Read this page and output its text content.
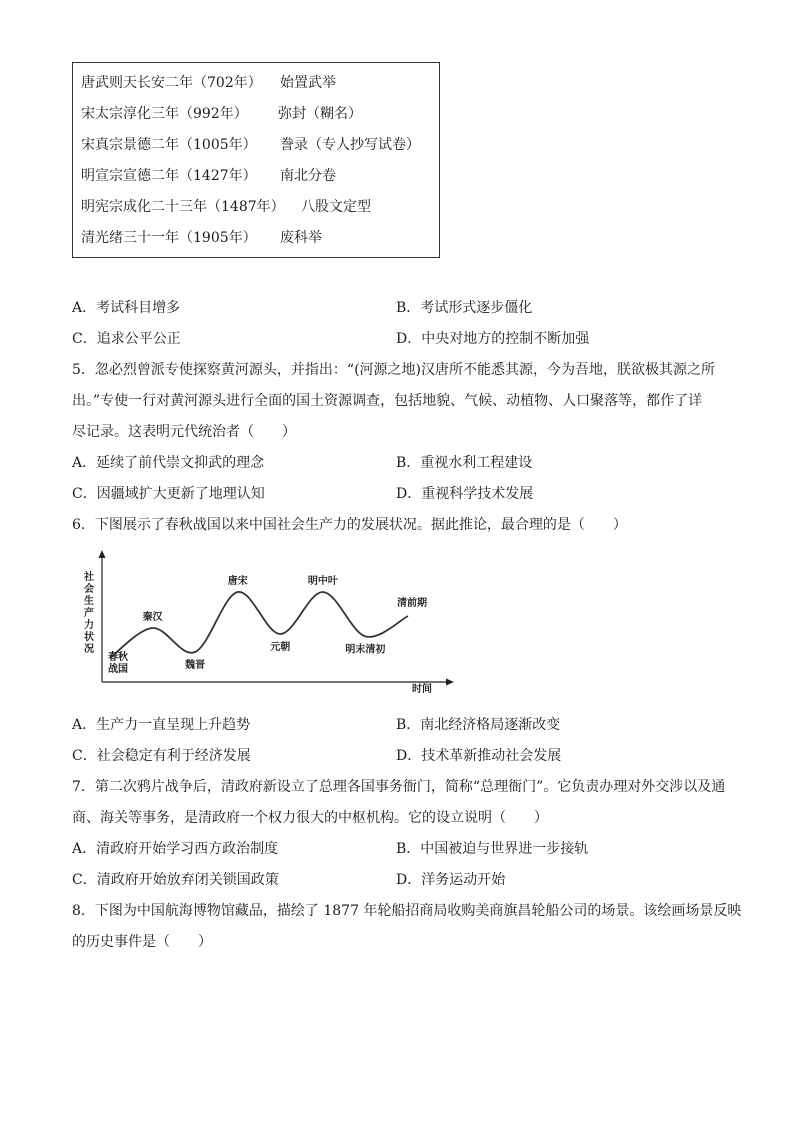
唐武则天长安二年（702年） 始置武举
宋太宗淳化三年（992年） 弥封（糊名）
宋真宗景德二年（1005年） 誊录（专人抄写试卷）
明宣宗宣德二年（1427年） 南北分卷
明宪宗成化二十三年（1487年） 八股文定型
清光绪三十一年（1905年） 废科举
A．考试科目增多	B．考试形式逐步僵化
C．追求公平公正	D．中央对地方的控制不断加强
5．忽必烈曾派专使探察黄河源头，并指出：“(河源之地)汉唐所不能悉其源，今为吾地，朕欲极其源之所
出。”专使一行对黄河源头进行全面的国土资源调查，包括地貌、气候、动植物、人口聚落等，都作了详
尽记录。这表明元代统治者（　　）
A．延续了前代崇文抑武的理念	B．重视水利工程建设
C．因疆域扩大更新了地理认知	D．重视科学技术发展
6．下图展示了春秋战国以来中国社会生产力的发展状况。据此推论，最合理的是（　　）
社会生产力状况
时间
春秋战国
秦汉
魏晋
唐宋
元朝
明中叶
明末清初
清前期
A．生产力一直呈现上升趋势	B．南北经济格局逐渐改变
C．社会稳定有利于经济发展	D．技术革新推动社会发展
7．第二次鸦片战争后，清政府新设立了总理各国事务衙门，简称“总理衙门”。它负责办理对外交涉以及通
商、海关等事务，是清政府一个权力很大的中枢机构。它的设立说明（　　）
A．清政府开始学习西方政治制度	B．中国被迫与世界进一步接轨
C．清政府开始放弃闭关锁国政策	D．洋务运动开始
8．下图为中国航海博物馆藏品，描绘了 1877 年轮船招商局收购美商旗昌轮船公司的场景。该绘画场景反映
的历史事件是（　　）
